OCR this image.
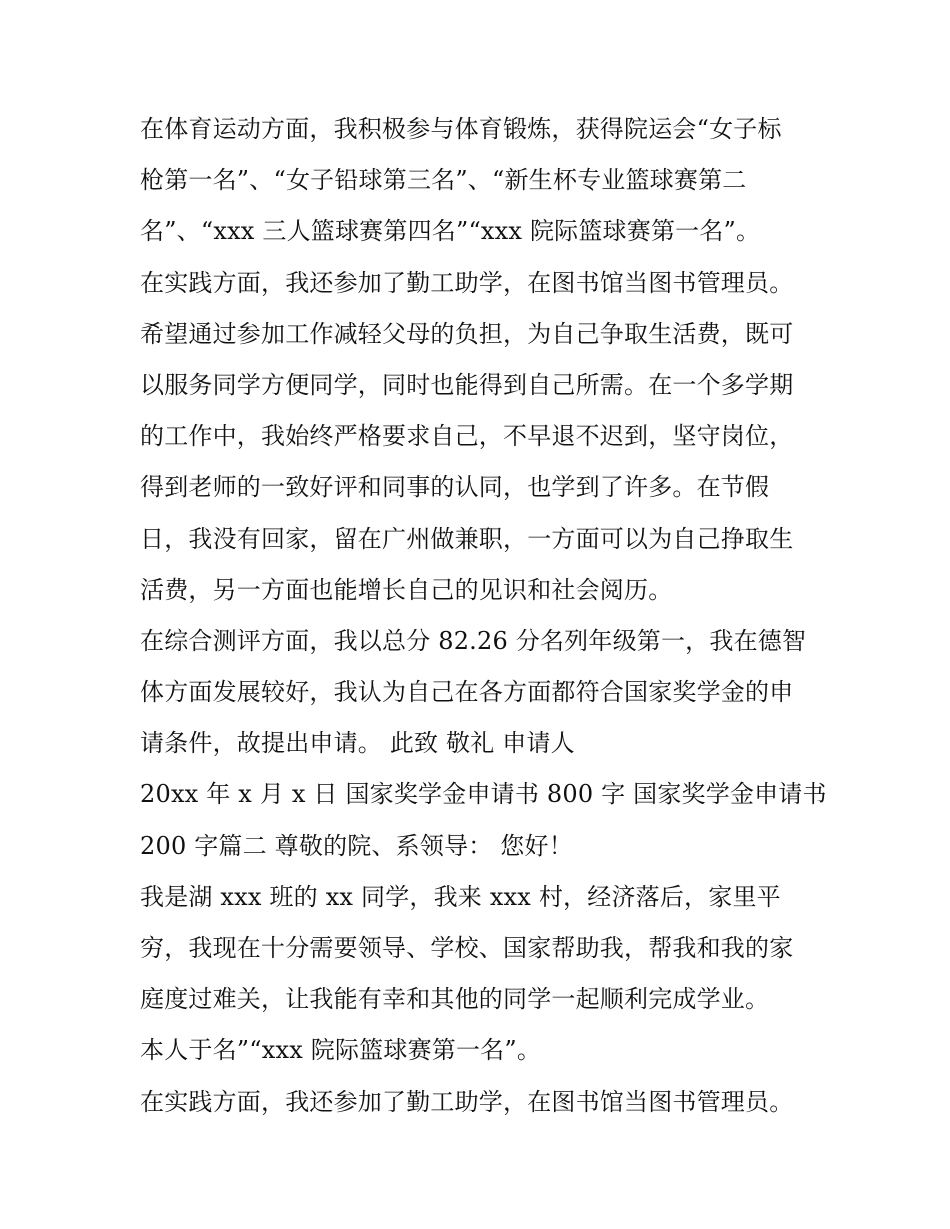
在体育运动方面，我积极参与体育锻炼，获得院运会“女子标
枪第一名”、“女子铅球第三名”、“新生杯专业篮球赛第二
名”、“xxx 三人篮球赛第四名”“xxx 院际篮球赛第一名”。
在实践方面，我还参加了勤工助学，在图书馆当图书管理员。
希望通过参加工作减轻父母的负担，为自己争取生活费，既可
以服务同学方便同学，同时也能得到自己所需。在一个多学期
的工作中，我始终严格要求自己，不早退不迟到，坚守岗位，
得到老师的一致好评和同事的认同，也学到了许多。在节假
日，我没有回家，留在广州做兼职，一方面可以为自己挣取生
活费，另一方面也能增长自己的见识和社会阅历。
在综合测评方面，我以总分 82.26 分名列年级第一，我在德智
体方面发展较好，我认为自己在各方面都符合国家奖学金的申
请条件，故提出申请。 此致 敬礼 申请人
20xx 年 x 月 x 日 国家奖学金申请书 800 字 国家奖学金申请书
200 字篇二 尊敬的院、系领导： 您好！
我是湖 xxx 班的 xx 同学，我来 xxx 村，经济落后，家里平
穷，我现在十分需要领导、学校、国家帮助我，帮我和我的家
庭度过难关，让我能有幸和其他的同学一起顺利完成学业。
本人于名”“xxx 院际篮球赛第一名”。
在实践方面，我还参加了勤工助学，在图书馆当图书管理员。
